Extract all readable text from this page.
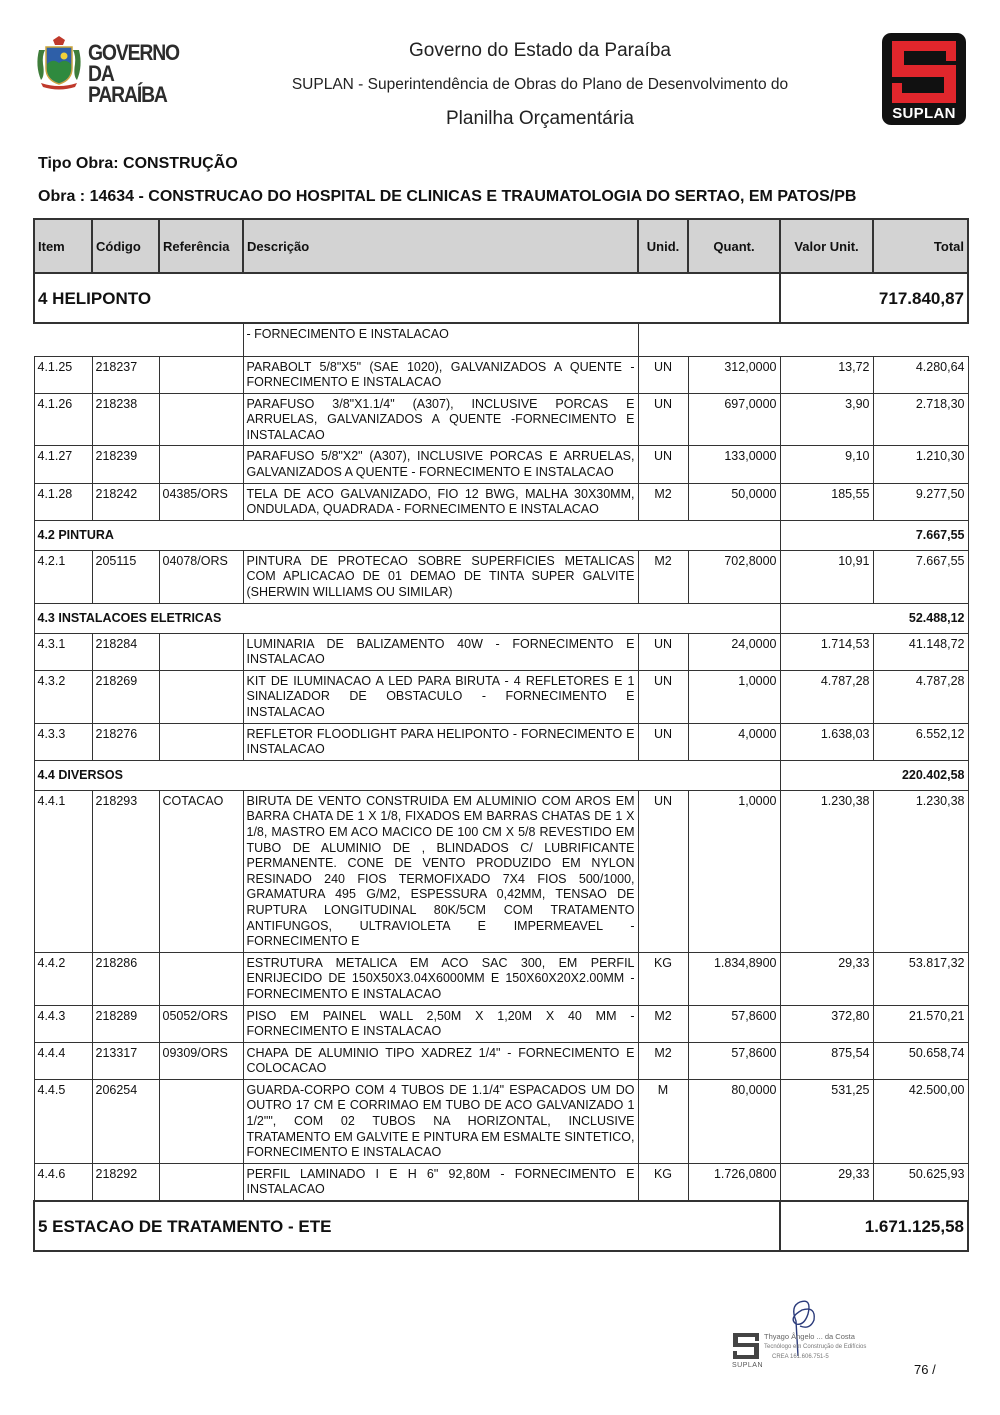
GOVERNO
DA PARAÍBA
Governo do Estado da Paraíba
SUPLAN - Superintendência de Obras do Plano de Desenvolvimento do
Planilha Orçamentária	SUPLAN
Tipo Obra: CONSTRUÇÃO
Obra : 14634 - CONSTRUCAO DO HOSPITAL DE CLINICAS E TRAUMATOLOGIA DO SERTAO, EM PATOS/PB
Item	Código	Referência	Descrição	Unid.	Quant.	Valor Unit.	Total
4 HELIPONTO						717.840,87	
			- FORNECIMENTO E INSTALACAO				
4.1.25	218237		PARABOLT 5/8"X5" (SAE 1020), GALVANIZADOS A QUENTE - FORNECIMENTO E INSTALACAO	UN	312,0000	13,72	4.280,64
4.1.26	218238		PARAFUSO 3/8"X1.1/4" (A307), INCLUSIVE PORCAS E ARRUELAS, GALVANIZADOS A QUENTE -FORNECIMENTO E INSTALACAO	UN	697,0000	3,90	2.718,30
4.1.27	218239		PARAFUSO 5/8"X2" (A307), INCLUSIVE PORCAS E ARRUELAS, GALVANIZADOS A QUENTE - FORNECIMENTO E INSTALACAO	UN	133,0000	9,10	1.210,30
4.1.28	218242	04385/ORS	TELA DE ACO GALVANIZADO, FIO 12 BWG, MALHA 30X30MM, ONDULADA, QUADRADA - FORNECIMENTO E INSTALACAO	M2	50,0000	185,55	9.277,50
4.2 PINTURA						7.667,55	
4.2.1	205115	04078/ORS	PINTURA DE PROTECAO SOBRE SUPERFICIES METALICAS COM APLICACAO DE 01 DEMAO DE TINTA SUPER GALVITE (SHERWIN WILLIAMS OU SIMILAR)	M2	702,8000	10,91	7.667,55
4.3 INSTALACOES ELETRICAS						52.488,12	
4.3.1	218284		LUMINARIA DE BALIZAMENTO 40W - FORNECIMENTO E INSTALACAO	UN	24,0000	1.714,53	41.148,72
4.3.2	218269		KIT DE ILUMINACAO A LED PARA BIRUTA - 4 REFLETORES E 1 SINALIZADOR DE OBSTACULO - FORNECIMENTO E INSTALACAO	UN	1,0000	4.787,28	4.787,28
4.3.3	218276		REFLETOR FLOODLIGHT PARA HELIPONTO - FORNECIMENTO E INSTALACAO	UN	4,0000	1.638,03	6.552,12
4.4 DIVERSOS						220.402,58	
4.4.1	218293	COTACAO	BIRUTA DE VENTO CONSTRUIDA EM ALUMINIO COM AROS EM BARRA CHATA DE 1 X 1/8, FIXADOS EM BARRAS CHATAS DE 1 X 1/8, MASTRO EM ACO MACICO DE 100 CM X 5/8 REVESTIDO EM TUBO DE ALUMINIO DE , BLINDADOS C/ LUBRIFICANTE PERMANENTE. CONE DE VENTO PRODUZIDO EM NYLON RESINADO 240 FIOS TERMOFIXADO 7X4 FIOS 500/1000, GRAMATURA 495 G/M2, ESPESSURA 0,42MM, TENSAO DE RUPTURA LONGITUDINAL 80K/5CM COM TRATAMENTO ANTIFUNGOS, ULTRAVIOLETA E IMPERMEAVEL - FORNECIMENTO E	UN	1,0000	1.230,38	1.230,38
4.4.2	218286		ESTRUTURA METALICA EM ACO SAC 300, EM PERFIL ENRIJECIDO DE 150X50X3.04X6000MM E 150X60X20X2.00MM - FORNECIMENTO E INSTALACAO	KG	1.834,8900	29,33	53.817,32
4.4.3	218289	05052/ORS	PISO EM PAINEL WALL 2,50M X 1,20M X 40 MM - FORNECIMENTO E INSTALACAO	M2	57,8600	372,80	21.570,21
4.4.4	213317	09309/ORS	CHAPA DE ALUMINIO TIPO XADREZ 1/4" - FORNECIMENTO E COLOCACAO	M2	57,8600	875,54	50.658,74
4.4.5	206254		GUARDA-CORPO COM 4 TUBOS DE 1.1/4" ESPACADOS UM DO OUTRO 17 CM E CORRIMAO EM TUBO DE ACO GALVANIZADO 1 1/2"", COM 02 TUBOS NA HORIZONTAL, INCLUSIVE TRATAMENTO EM GALVITE E PINTURA EM ESMALTE SINTETICO, FORNECIMENTO E INSTALACAO	M	80,0000	531,25	42.500,00
4.4.6	218292		PERFIL LAMINADO I E H 6" 92,80M - FORNECIMENTO E INSTALACAO	KG	1.726,0800	29,33	50.625,93
5 ESTACAO DE TRATAMENTO - ETE						1.671.125,58	
SUPLAN
Thyago Ângelo ... da Costa
Tecnólogo em Construção de Edifícios
CREA 161.606.751-5
76 /
